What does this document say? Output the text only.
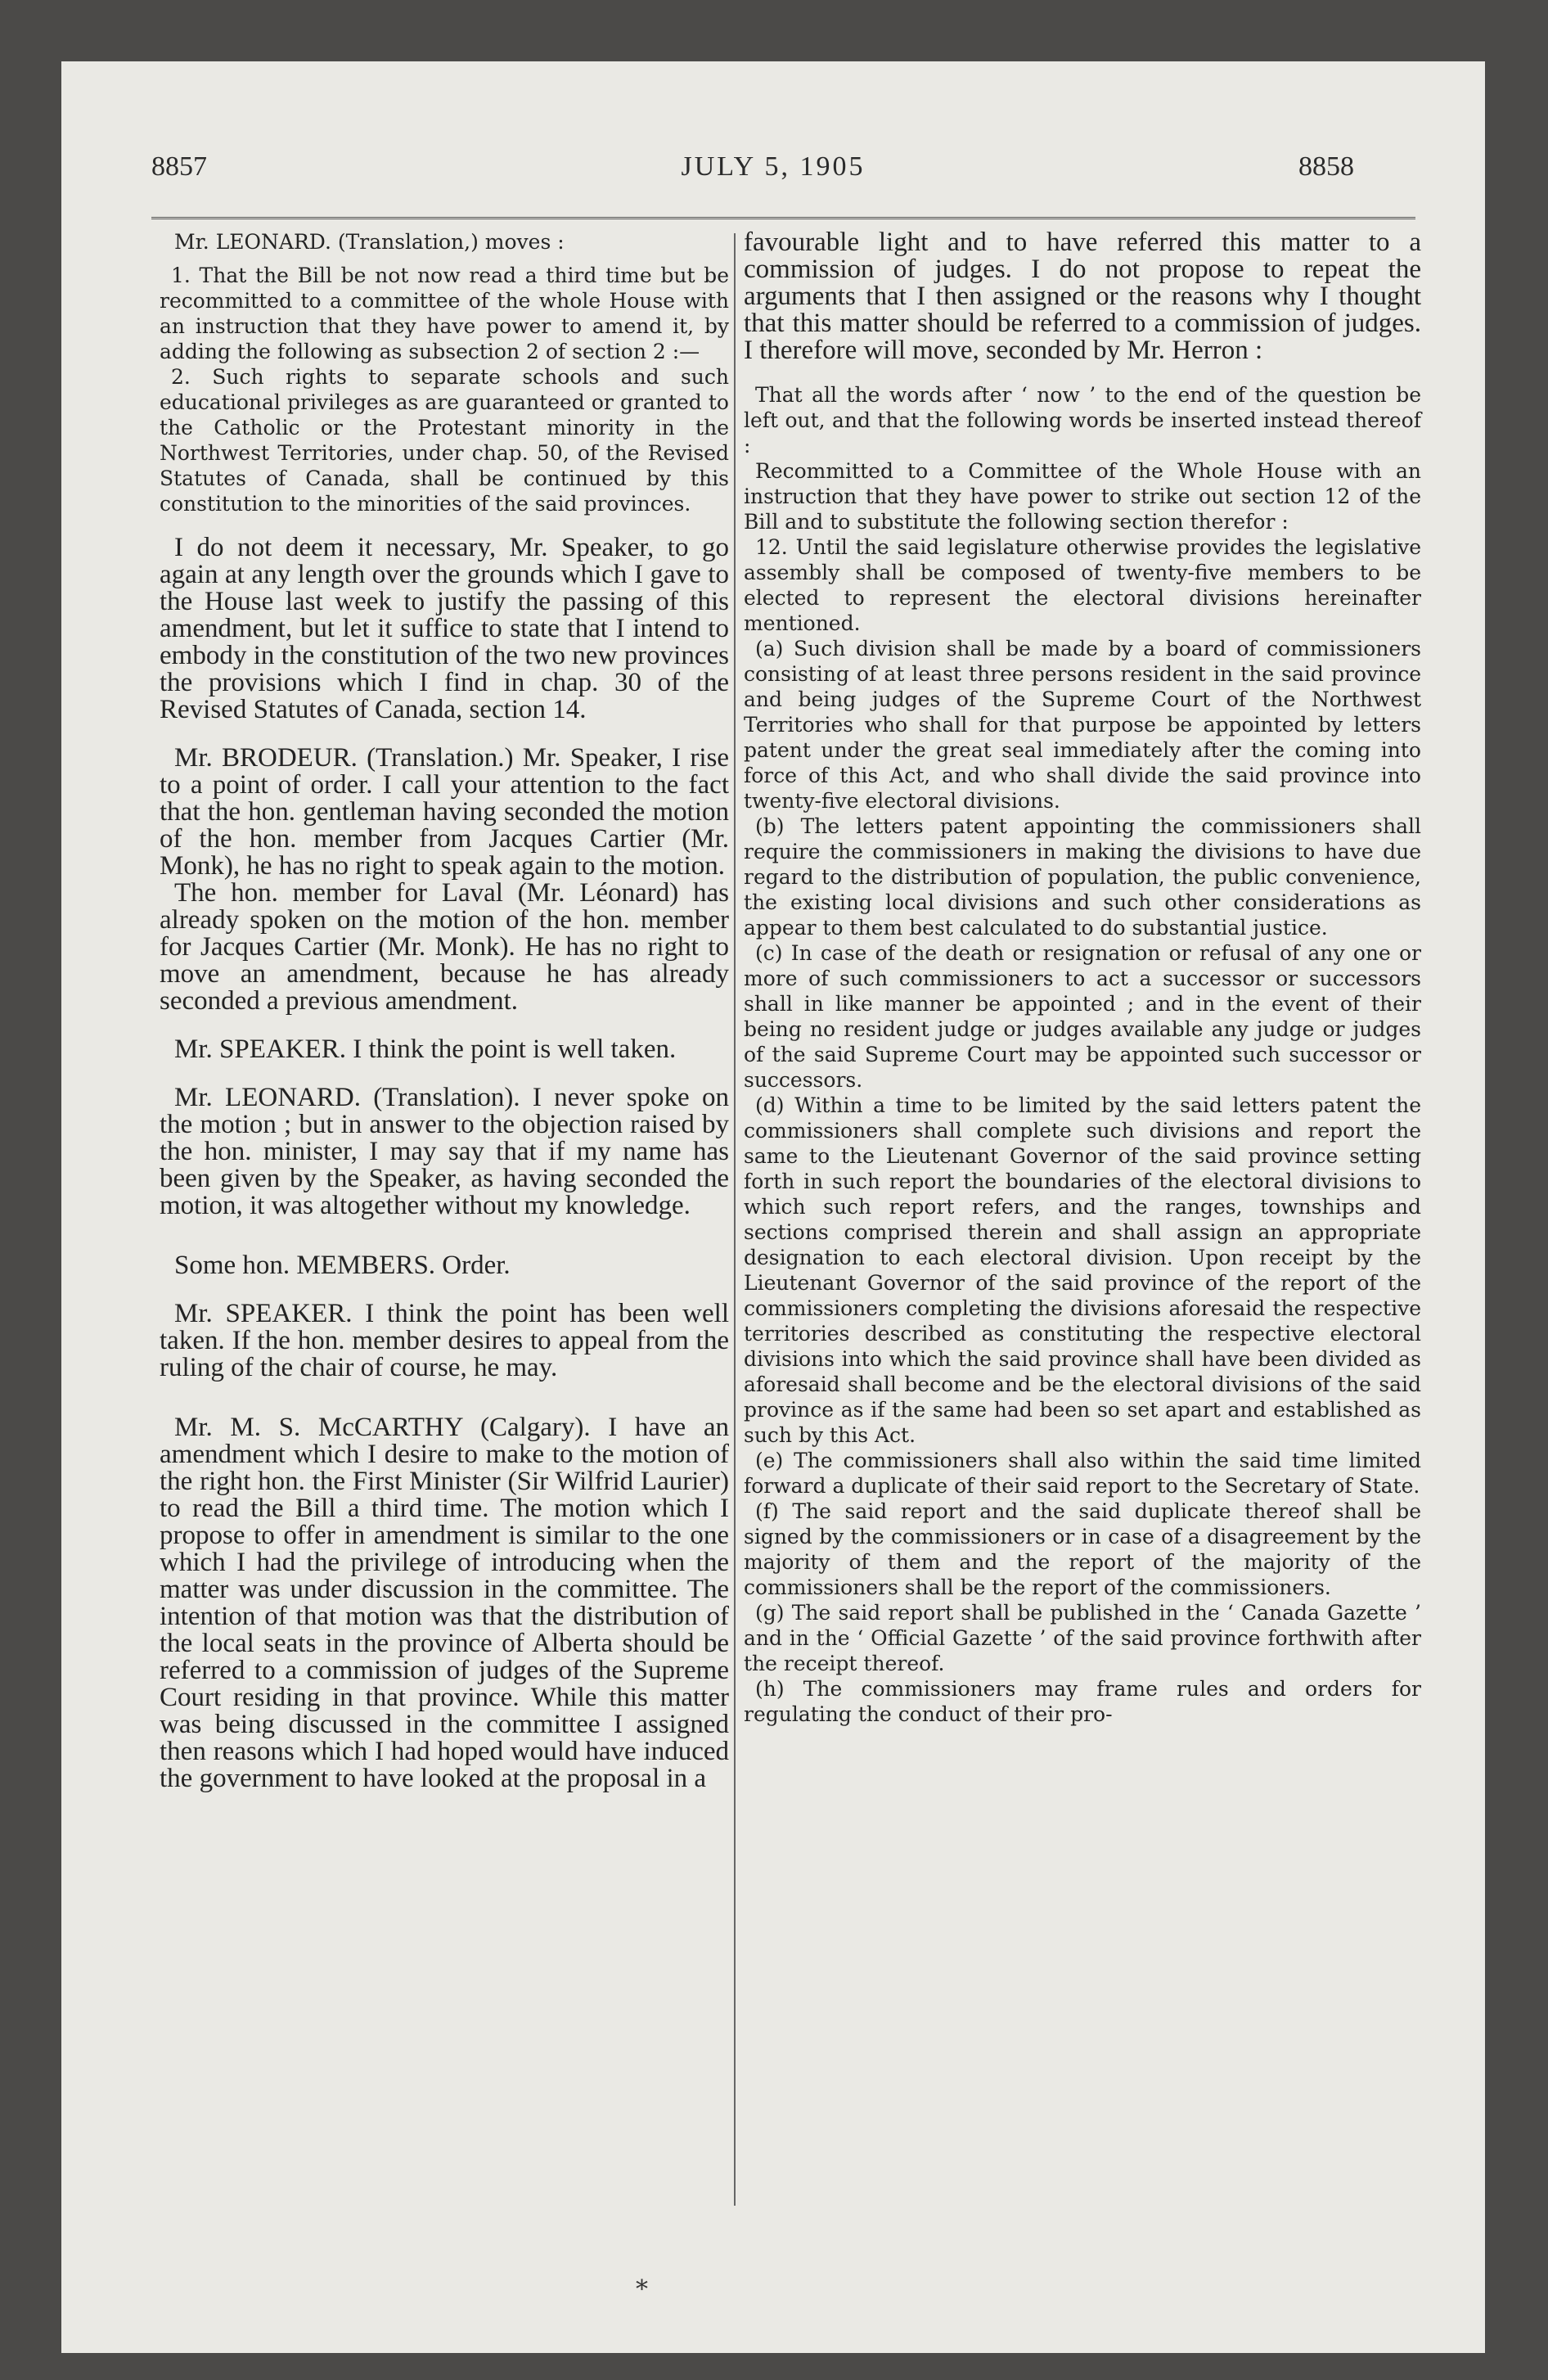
8857	JULY 5, 1905	8858

Mr. LEONARD. (Translation,) moves :

1. That the Bill be not now read a third time but be recommitted to a committee of the whole House with an instruction that they have power to amend it, by adding the following as subsection 2 of section 2 :—

2. Such rights to separate schools and such educational privileges as are guaranteed or granted to the Catholic or the Protestant minority in the Northwest Territories, under chap. 50, of the Revised Statutes of Canada, shall be continued by this constitution to the minorities of the said provinces.

I do not deem it necessary, Mr. Speaker, to go again at any length over the grounds which I gave to the House last week to justify the passing of this amendment, but let it suffice to state that I intend to embody in the constitution of the two new provinces the provisions which I find in chap. 30 of the Revised Statutes of Canada, section 14.

Mr. BRODEUR. (Translation.) Mr. Speaker, I rise to a point of order. I call your attention to the fact that the hon. gentleman having seconded the motion of the hon. member from Jacques Cartier (Mr. Monk), he has no right to speak again to the motion.

The hon. member for Laval (Mr. Léonard) has already spoken on the motion of the hon. member for Jacques Cartier (Mr. Monk). He has no right to move an amendment, because he has already seconded a previous amendment.

Mr. SPEAKER. I think the point is well taken.

Mr. LEONARD. (Translation). I never spoke on the motion ; but in answer to the objection raised by the hon. minister, I may say that if my name has been given by the Speaker, as having seconded the motion, it was altogether without my knowledge.

Some hon. MEMBERS. Order.

Mr. SPEAKER. I think the point has been well taken. If the hon. member desires to appeal from the ruling of the chair of course, he may.

Mr. M. S. McCARTHY (Calgary). I have an amendment which I desire to make to the motion of the right hon. the First Minister (Sir Wilfrid Laurier) to read the Bill a third time. The motion which I propose to offer in amendment is similar to the one which I had the privilege of introducing when the matter was under discussion in the committee. The intention of that motion was that the distribution of the local seats in the province of Alberta should be referred to a commission of judges of the Supreme Court residing in that province. While this matter was being discussed in the committee I assigned then reasons which I had hoped would have induced the government to have looked at the proposal in a

favourable light and to have referred this matter to a commission of judges. I do not propose to repeat the arguments that I then assigned or the reasons why I thought that this matter should be referred to a commission of judges. I therefore will move, seconded by Mr. Herron :

That all the words after ‘ now ’ to the end of the question be left out, and that the following words be inserted instead thereof :

Recommitted to a Committee of the Whole House with an instruction that they have power to strike out section 12 of the Bill and to substitute the following section therefor :

12. Until the said legislature otherwise provides the legislative assembly shall be composed of twenty-five members to be elected to represent the electoral divisions hereinafter mentioned.

(a) Such division shall be made by a board of commissioners consisting of at least three persons resident in the said province and being judges of the Supreme Court of the Northwest Territories who shall for that purpose be appointed by letters patent under the great seal immediately after the coming into force of this Act, and who shall divide the said province into twenty-five electoral divisions.

(b) The letters patent appointing the commissioners shall require the commissioners in making the divisions to have due regard to the distribution of population, the public convenience, the existing local divisions and such other considerations as appear to them best calculated to do substantial justice.

(c) In case of the death or resignation or refusal of any one or more of such commissioners to act a successor or successors shall in like manner be appointed ; and in the event of their being no resident judge or judges available any judge or judges of the said Supreme Court may be appointed such successor or successors.

(d) Within a time to be limited by the said letters patent the commissioners shall complete such divisions and report the same to the Lieutenant Governor of the said province setting forth in such report the boundaries of the electoral divisions to which such report refers, and the ranges, townships and sections comprised therein and shall assign an appropriate designation to each electoral division. Upon receipt by the Lieutenant Governor of the said province of the report of the commissioners completing the divisions aforesaid the respective territories described as constituting the respective electoral divisions into which the said province shall have been divided as aforesaid shall become and be the electoral divisions of the said province as if the same had been so set apart and established as such by this Act.

(e) The commissioners shall also within the said time limited forward a duplicate of their said report to the Secretary of State.

(f) The said report and the said duplicate thereof shall be signed by the commissioners or in case of a disagreement by the majority of them and the report of the majority of the commissioners shall be the report of the commissioners.

(g) The said report shall be published in the ‘ Canada Gazette ’ and in the ‘ Official Gazette ’ of the said province forthwith after the receipt thereof.

(h) The commissioners may frame rules and orders for regulating the conduct of their pro-

*
